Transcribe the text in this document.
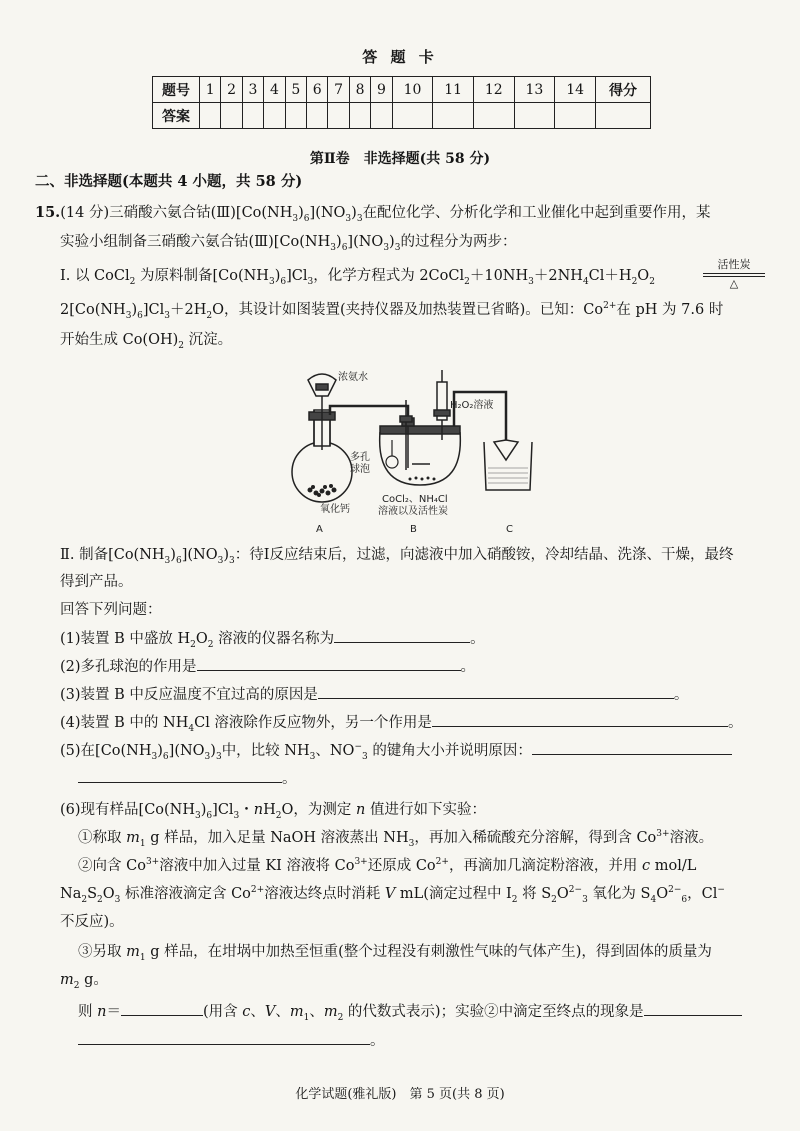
答 题 卡
题号	1	2	3	4	5	6	7	8	9	10	11	12	13	14	得分
答案															
第Ⅱ卷　非选择题(共 58 分)
二、非选择题(本题共 4 小题，共 58 分)
15.(14 分)三硝酸六氨合钴$(Ⅲ)[Co(NH_3)_6](NO_3)_3$在配位化学、分析化学和工业催化中起到重要作用，某
实验小组制备三硝酸六氨合钴$(Ⅲ)[Co(NH_3)_6](NO_3)_3$的过程分为两步：
Ⅰ. 以 CoCl$_2$ 为原料制备$[Co(NH_3)_6]Cl_3$，化学方程式为 $2CoCl_2+10NH_3+2NH_4Cl+H_2O_2$
活性炭
△
$2[Co(NH_3)_6]Cl_3+2H_2O$，其设计如图装置(夹持仪器及加热装置已省略)。已知：$Co^{2+}$在 pH 为 7.6 时
开始生成 $Co(OH)_2$ 沉淀。
浓氨水
H₂O₂溶液
多孔
球泡
氧化钙
CoCl₂、NH₄Cl
溶液以及活性炭
A	B	C
Ⅱ. 制备$[Co(NH_3)_6](NO_3)_3$：待Ⅰ反应结束后，过滤，向滤液中加入硝酸铵，冷却结晶、洗涤、干燥，最终
得到产品。
回答下列问题：
(1)装置 B 中盛放 $H_2O_2$ 溶液的仪器名称为	。
(2)多孔球泡的作用是	。
(3)装置 B 中反应温度不宜过高的原因是	。
(4)装置 B 中的 $NH_4Cl$ 溶液除作反应物外，另一个作用是	。
(5)在$[Co(NH_3)_6](NO_3)_3$中，比较 $NH_3$、$NO^-_3$ 的键角大小并说明原因：
。
(6)现有样品$[Co(NH_3)_6]Cl_3$・$nH_2O$，为测定 n 值进行如下实验：
①称取 $m_1$ g 样品，加入足量 NaOH 溶液蒸出 $NH_3$，再加入稀硫酸充分溶解，得到含 $Co^{3+}$溶液。
②向含 $Co^{3+}$溶液中加入过量 KI 溶液将 $Co^{3+}$还原成 $Co^{2+}$，再滴加几滴淀粉溶液，并用 c mol/L
$Na_2S_2O_3$ 标准溶液滴定含 $Co^{2+}$溶液达终点时消耗 V mL(滴定过程中 $I_2$ 将 $S_2O^{2-}_3$ 氧化为 $S_4O^{2-}_6$，Cl−
不反应)。
③另取 $m_1$ g 样品，在坩埚中加热至恒重(整个过程没有刺激性气味的气体产生)，得到固体的质量为
$m_2$ g。
则 n＝	(用含 c、V、$m_1$、$m_2$ 的代数式表示)；实验②中滴定至终点的现象是
。
化学试题(雅礼版)　第 5 页(共 8 页)
